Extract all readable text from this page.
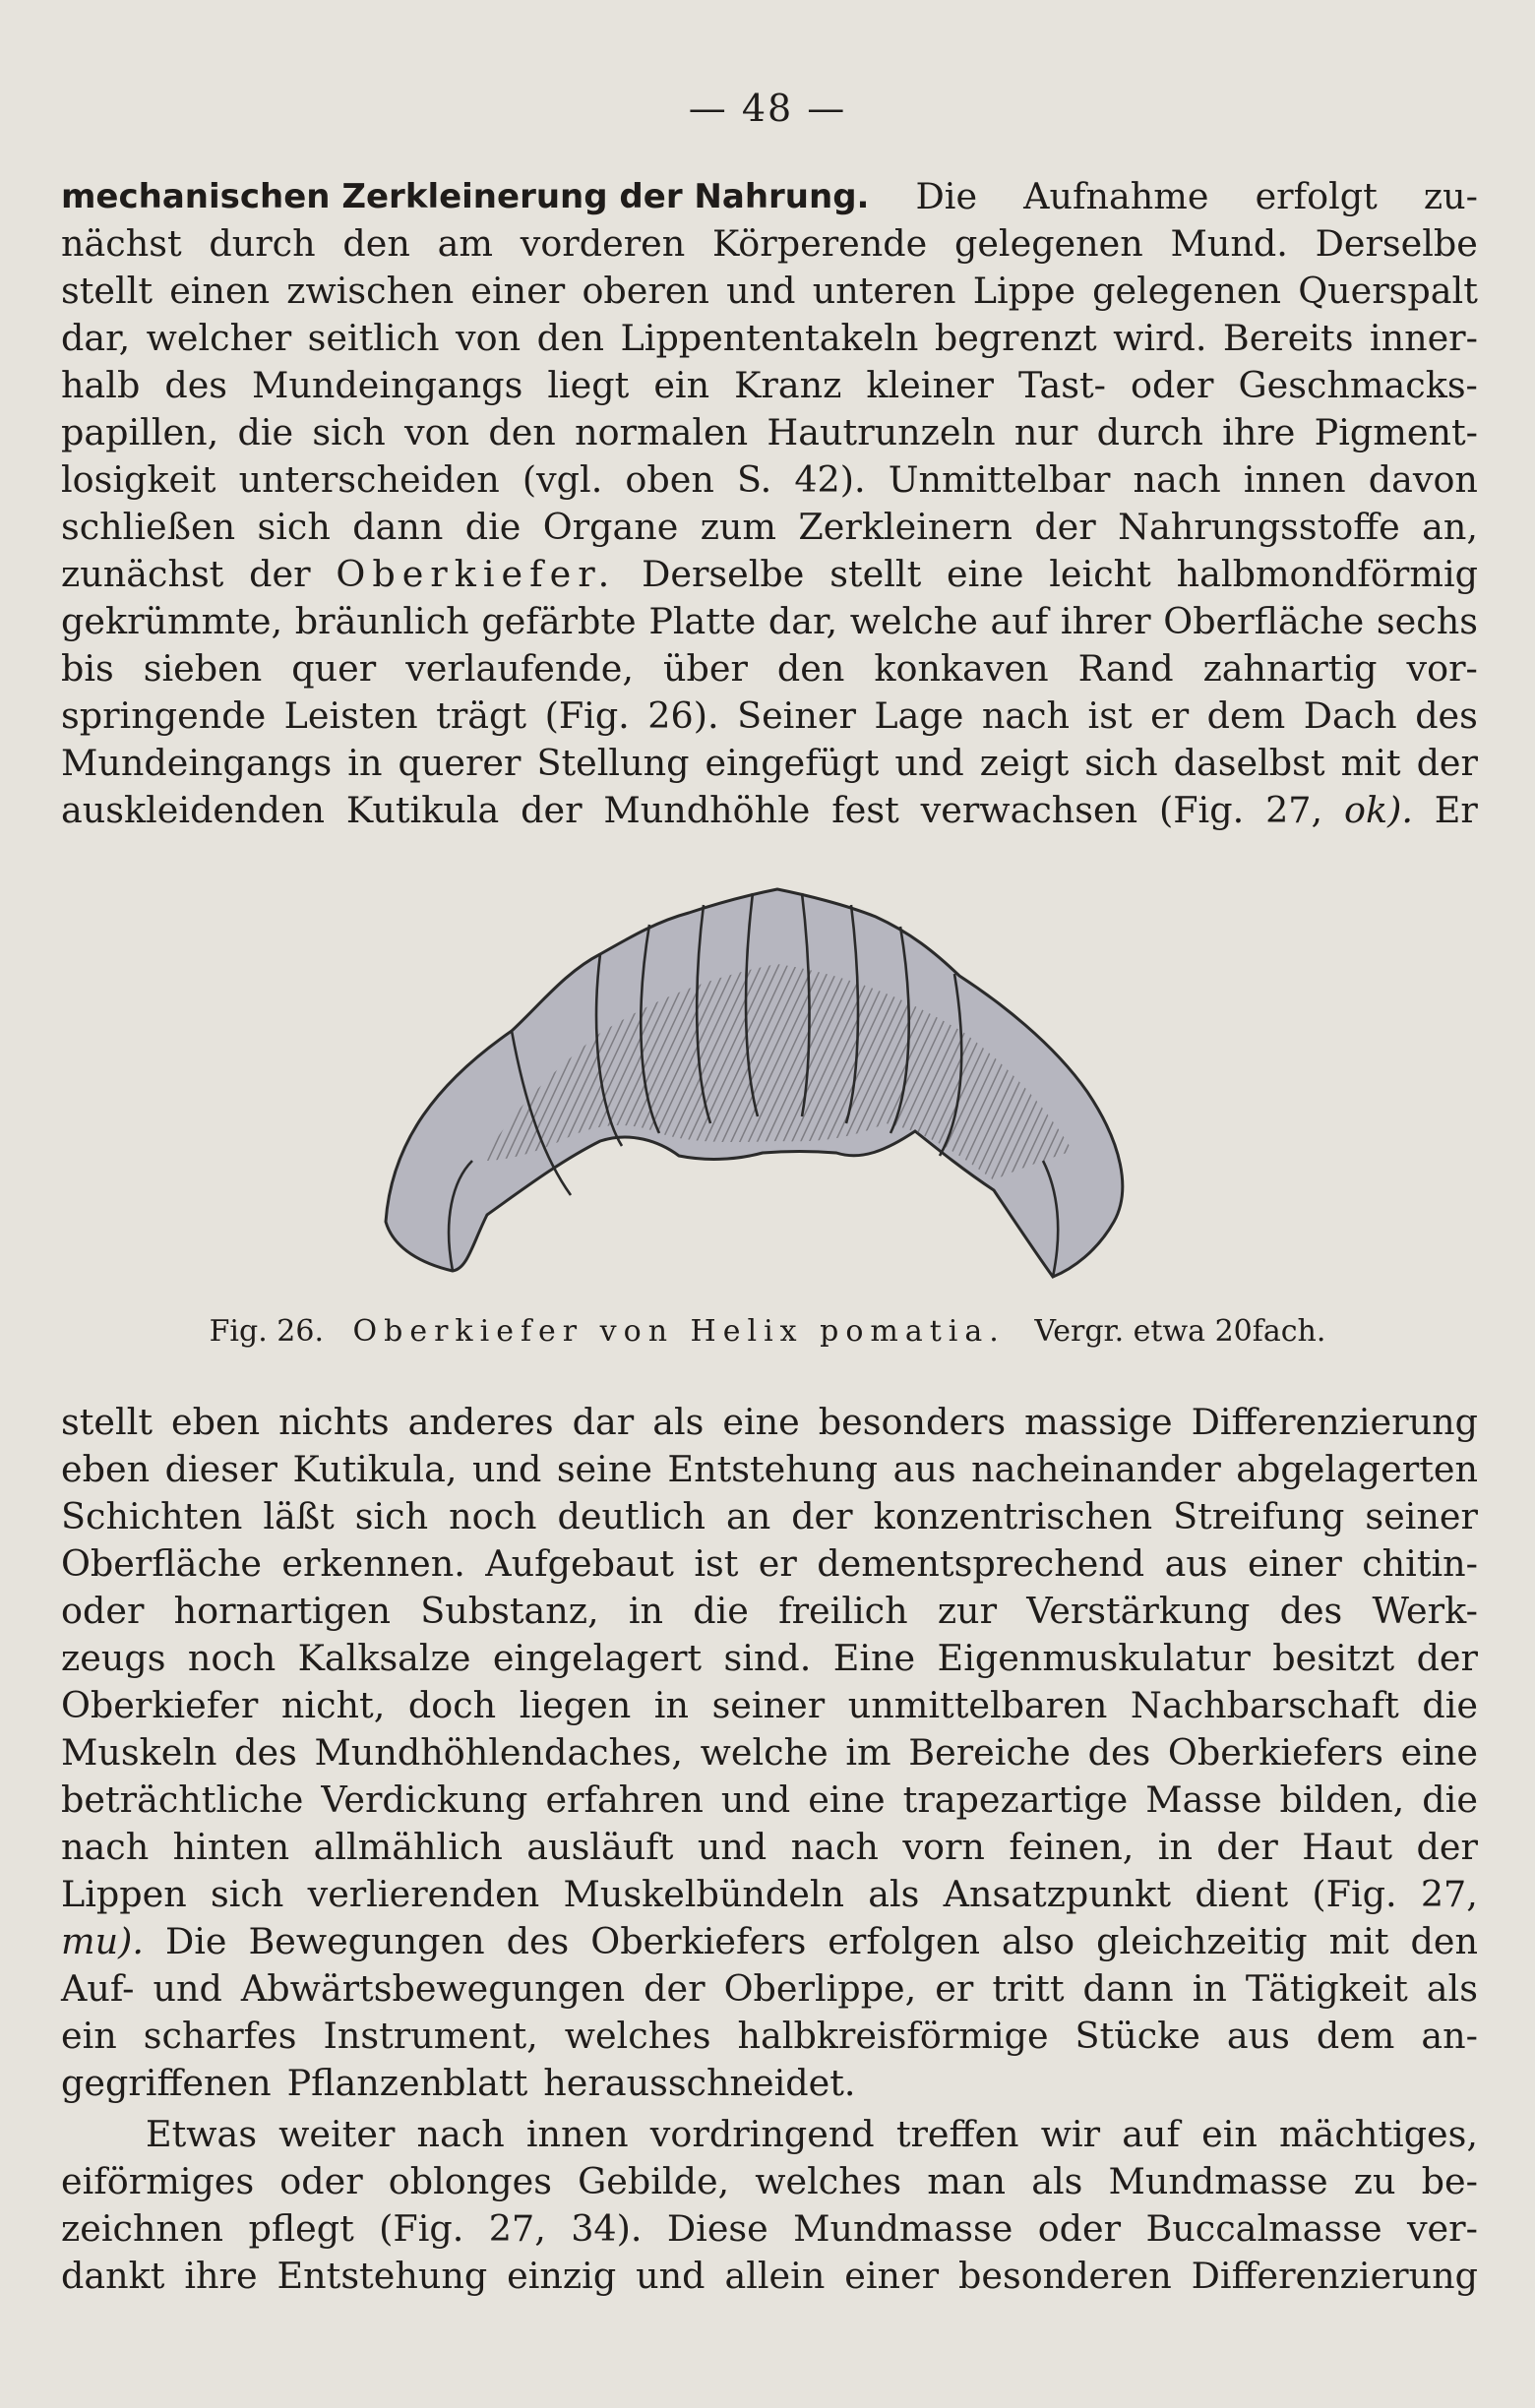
— 48 —
mechanischen Zerkleinerung der Nahrung. Die Aufnahme erfolgt zu-
nächst durch den am vorderen Körperende gelegenen Mund. Derselbe
stellt einen zwischen einer oberen und unteren Lippe gelegenen Querspalt
dar, welcher seitlich von den Lippententakeln begrenzt wird. Bereits inner-
halb des Mundeingangs liegt ein Kranz kleiner Tast- oder Geschmacks-
papillen, die sich von den normalen Hautrunzeln nur durch ihre Pigment-
losigkeit unterscheiden (vgl. oben S. 42). Unmittelbar nach innen davon
schließen sich dann die Organe zum Zerkleinern der Nahrungsstoffe an,
zunächst der Oberkiefer. Derselbe stellt eine leicht halbmondförmig
gekrümmte, bräunlich gefärbte Platte dar, welche auf ihrer Oberfläche sechs
bis sieben quer verlaufende, über den konkaven Rand zahnartig vor-
springende Leisten trägt (Fig. 26). Seiner Lage nach ist er dem Dach des
Mundeingangs in querer Stellung eingefügt und zeigt sich daselbst mit der
auskleidenden Kutikula der Mundhöhle fest verwachsen (Fig. 27, ok). Er
Fig. 26. Oberkiefer von Helix pomatia. Vergr. etwa 20fach.
stellt eben nichts anderes dar als eine besonders massige Differenzierung
eben dieser Kutikula, und seine Entstehung aus nacheinander abgelagerten
Schichten läßt sich noch deutlich an der konzentrischen Streifung seiner
Oberfläche erkennen. Aufgebaut ist er dementsprechend aus einer chitin-
oder hornartigen Substanz, in die freilich zur Verstärkung des Werk-
zeugs noch Kalksalze eingelagert sind. Eine Eigenmuskulatur besitzt der
Oberkiefer nicht, doch liegen in seiner unmittelbaren Nachbarschaft die
Muskeln des Mundhöhlendaches, welche im Bereiche des Oberkiefers eine
beträchtliche Verdickung erfahren und eine trapezartige Masse bilden, die
nach hinten allmählich ausläuft und nach vorn feinen, in der Haut der
Lippen sich verlierenden Muskelbündeln als Ansatzpunkt dient (Fig. 27,
mu). Die Bewegungen des Oberkiefers erfolgen also gleichzeitig mit den
Auf- und Abwärtsbewegungen der Oberlippe, er tritt dann in Tätigkeit als
ein scharfes Instrument, welches halbkreisförmige Stücke aus dem an-
gegriffenen Pflanzenblatt herausschneidet.
Etwas weiter nach innen vordringend treffen wir auf ein mächtiges,
eiförmiges oder oblonges Gebilde, welches man als Mundmasse zu be-
zeichnen pflegt (Fig. 27, 34). Diese Mundmasse oder Buccalmasse ver-
dankt ihre Entstehung einzig und allein einer besonderen Differenzierung
